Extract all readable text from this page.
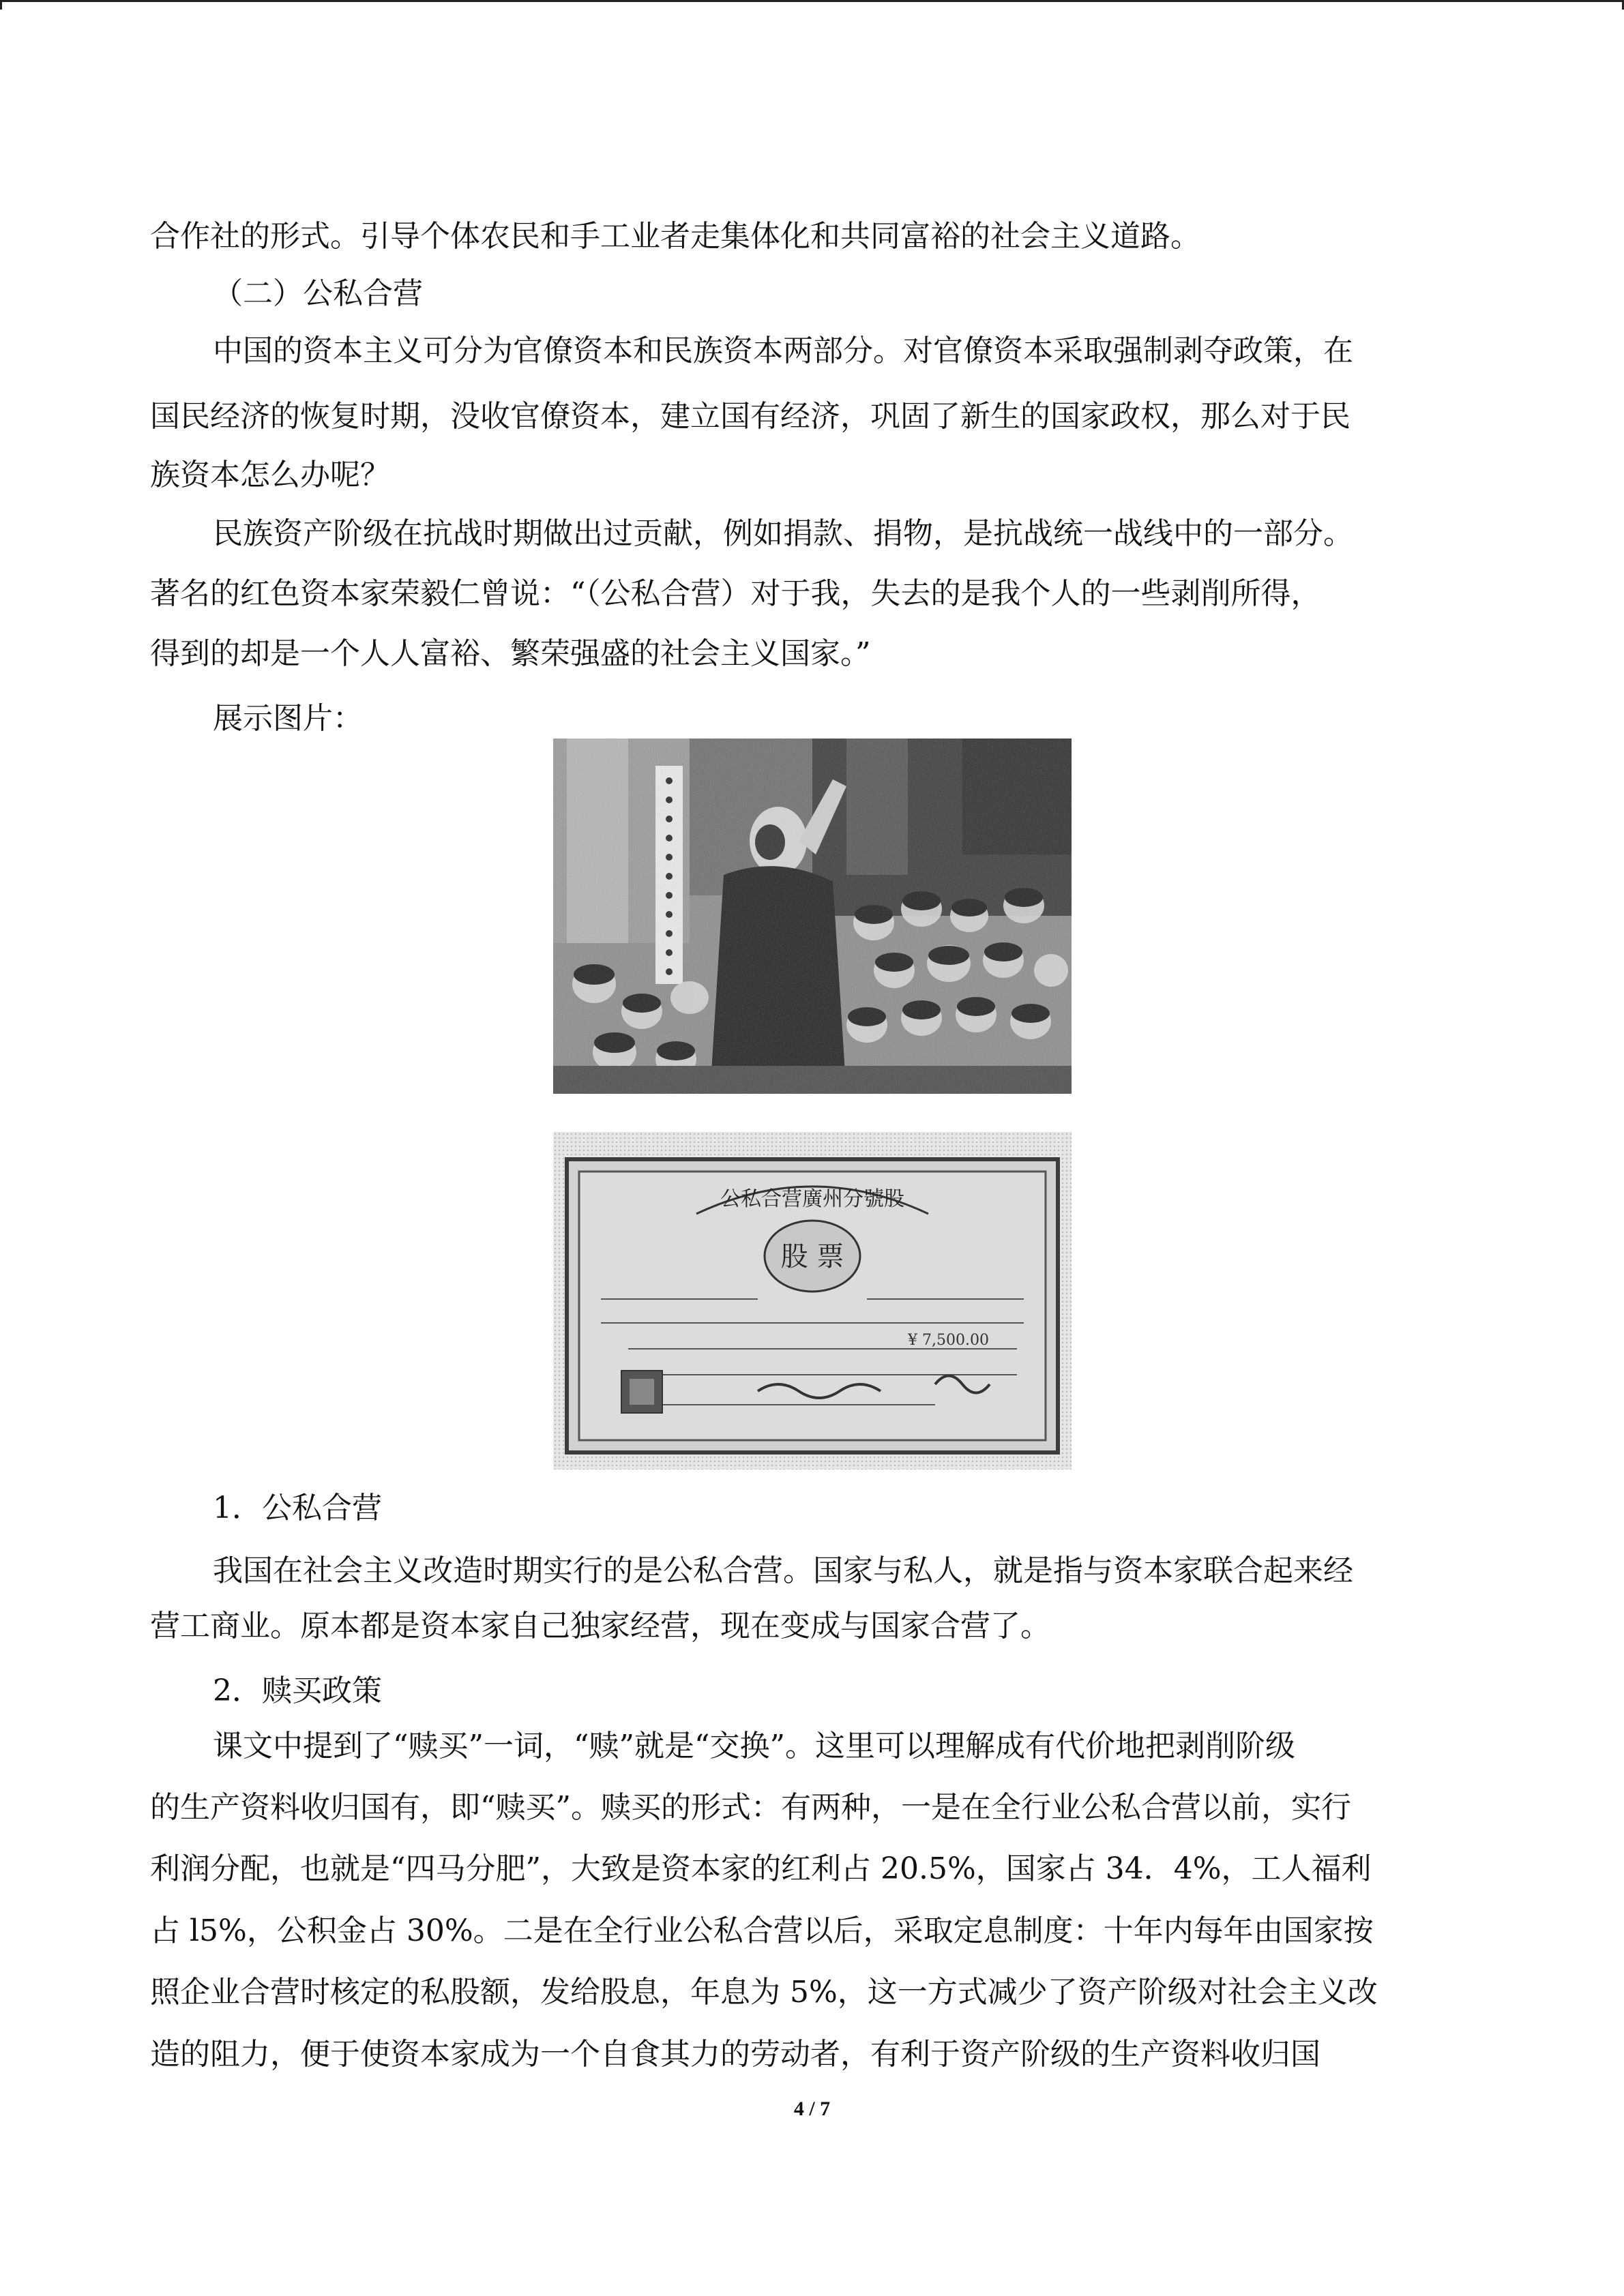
合作社的形式。引导个体农民和手工业者走集体化和共同富裕的社会主义道路。
（二）公私合营
中国的资本主义可分为官僚资本和民族资本两部分。对官僚资本采取强制剥夺政策，在
国民经济的恢复时期，没收官僚资本，建立国有经济，巩固了新生的国家政权，那么对于民
族资本怎么办呢？
民族资产阶级在抗战时期做出过贡献，例如捐款、捐物，是抗战统一战线中的一部分。
著名的红色资本家荣毅仁曾说：“（公私合营）对于我，失去的是我个人的一些剥削所得，
得到的却是一个人人富裕、繁荣强盛的社会主义国家。”
展示图片：
1．公私合营
我国在社会主义改造时期实行的是公私合营。国家与私人，就是指与资本家联合起来经
营工商业。原本都是资本家自己独家经营，现在变成与国家合营了。
2．赎买政策
课文中提到了“赎买”一词，“赎”就是“交换”。这里可以理解成有代价地把剥削阶级
的生产资料收归国有，即“赎买”。赎买的形式：有两种，一是在全行业公私合营以前，实行
利润分配，也就是“四马分肥”，大致是资本家的红利占 20.5%，国家占 34．4%，工人福利
占 l5%，公积金占 30%。二是在全行业公私合营以后，采取定息制度：十年内每年由国家按
照企业合营时核定的私股额，发给股息，年息为 5%，这一方式减少了资产阶级对社会主义改
造的阻力，便于使资本家成为一个自食其力的劳动者，有利于资产阶级的生产资料收归国
公私合营廣州分號股
股 票
¥ 7,500.00
4 / 7
